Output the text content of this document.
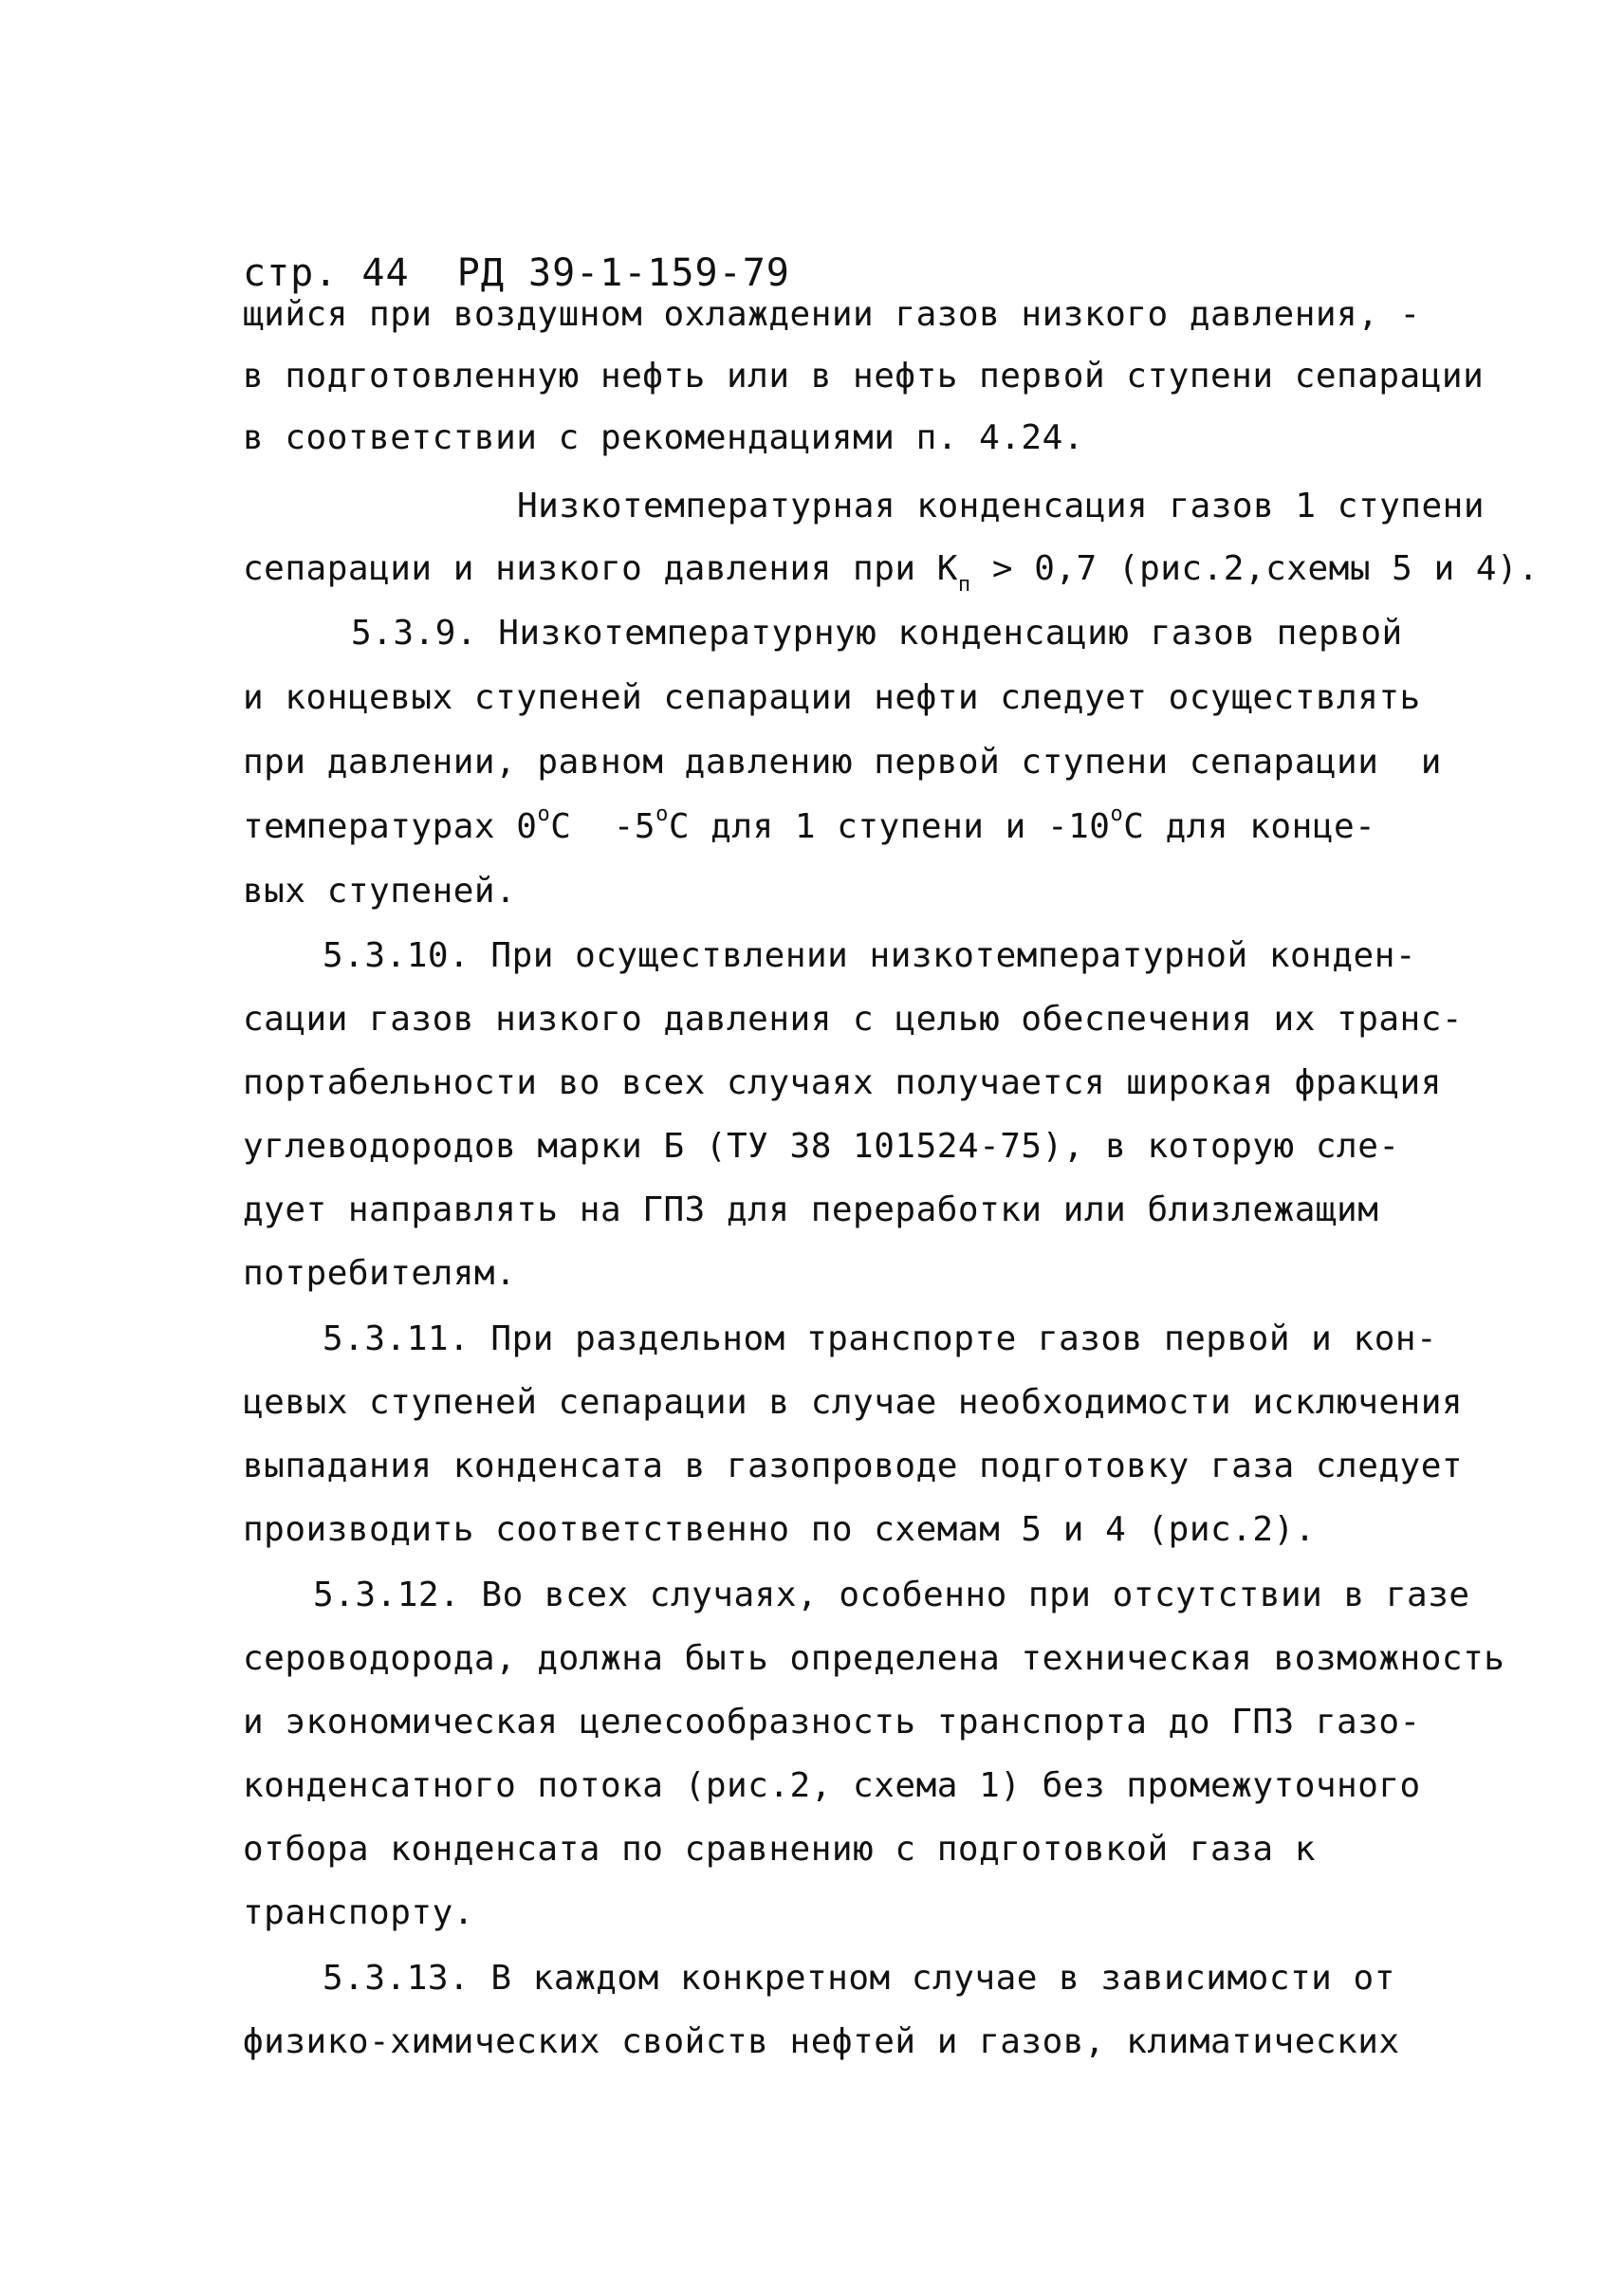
стр. 44  РД 39-1-159-79
щийся при воздушном охлаждении газов низкого давления, -
в подготовленную нефть или в нефть первой ступени сепарации
в соответствии с рекомендациями п. 4.24.
Низкотемпературная конденсация газов 1 ступени
сепарации и низкого давления при $К_п > 0,7$ (рис.2,схемы 5 и 4).
5.3.9. Низкотемпературную конденсацию газов первой
и концевых ступеней сепарации нефти следует осуществлять
при давлении, равном давлению первой ступени сепарации  и
температурах $0^оС$  $-5^оС$ для 1 ступени и $-10^оС$ для конце-
вых ступеней.
5.3.10. При осуществлении низкотемпературной конден-
сации газов низкого давления с целью обеспечения их транс-
портабельности во всех случаях получается широкая фракция
углеводородов марки Б (ТУ 38 101524-75), в которую сле-
дует направлять на ГПЗ для переработки или близлежащим
потребителям.
5.3.11. При раздельном транспорте газов первой и кон-
цевых ступеней сепарации в случае необходимости исключения
выпадания конденсата в газопроводе подготовку газа следует
производить соответственно по схемам 5 и 4 (рис.2).
5.3.12. Во всех случаях, особенно при отсутствии в газе
сероводорода, должна быть определена техническая возможность
и экономическая целесообразность транспорта до ГПЗ газо-
конденсатного потока (рис.2, схема 1) без промежуточного
отбора конденсата по сравнению с подготовкой газа к
транспорту.
5.3.13. В каждом конкретном случае в зависимости от
физико-химических свойств нефтей и газов, климатических
